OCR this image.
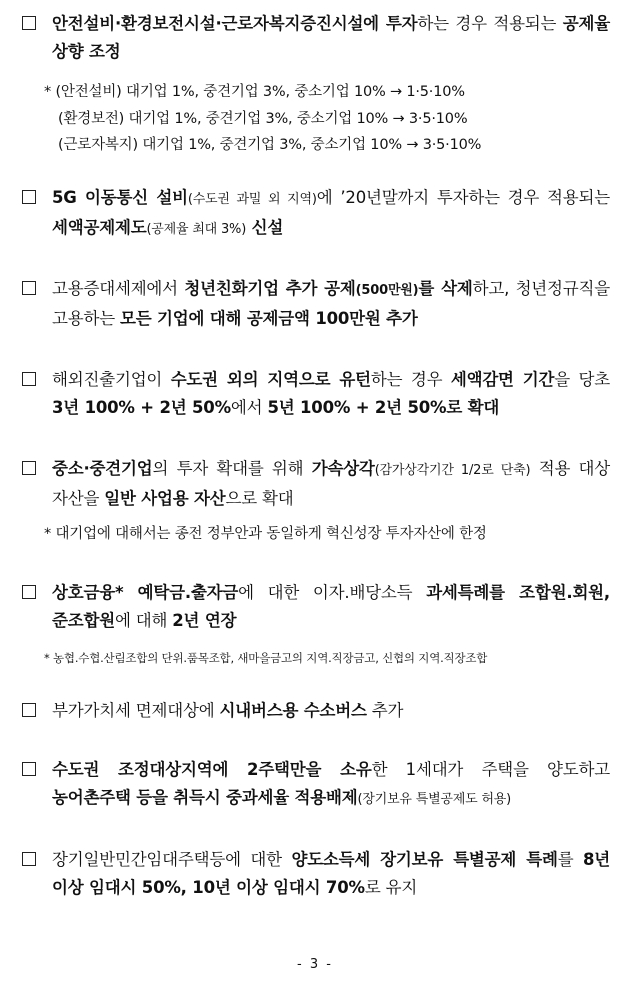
안전설비·환경보전시설·근로자복지증진시설에 투자하는 경우 적용되는 공제율 상향 조정
* (안전설비) 대기업 1%, 중견기업 3%, 중소기업 10% → 1·5·10%
(환경보전) 대기업 1%, 중견기업 3%, 중소기업 10% → 3·5·10%
(근로자복지) 대기업 1%, 중견기업 3%, 중소기업 10% → 3·5·10%
5G 이동통신 설비(수도권 과밀 외 지역)에 ’20년말까지 투자하는 경우 적용되는 세액공제제도(공제율 최대 3%) 신설
고용증대세제에서 청년친화기업 추가 공제(500만원)를 삭제하고, 청년정규직을 고용하는 모든 기업에 대해 공제금액 100만원 추가
해외진출기업이 수도권 외의 지역으로 유턴하는 경우 세액감면 기간을 당초 3년 100% + 2년 50%에서 5년 100% + 2년 50%로 확대
중소·중견기업의 투자 확대를 위해 가속상각(감가상각기간 1/2로 단축) 적용 대상 자산을 일반 사업용 자산으로 확대
* 대기업에 대해서는 종전 정부안과 동일하게 혁신성장 투자자산에 한정
상호금융* 예탁금.출자금에 대한 이자.배당소득 과세특례를 조합원.회원, 준조합원에 대해 2년 연장
* 농협.수협.산림조합의 단위.품목조합, 새마을금고의 지역.직장금고, 신협의 지역.직장조합
부가가치세 면제대상에 시내버스용 수소버스 추가
수도권 조정대상지역에 2주택만을 소유한 1세대가 주택을 양도하고 농어촌주택 등을 취득시 중과세율 적용배제(장기보유 특별공제도 허용)
장기일반민간임대주택등에 대한 양도소득세 장기보유 특별공제 특례를 8년 이상 임대시 50%, 10년 이상 임대시 70%로 유지
- 3 -
